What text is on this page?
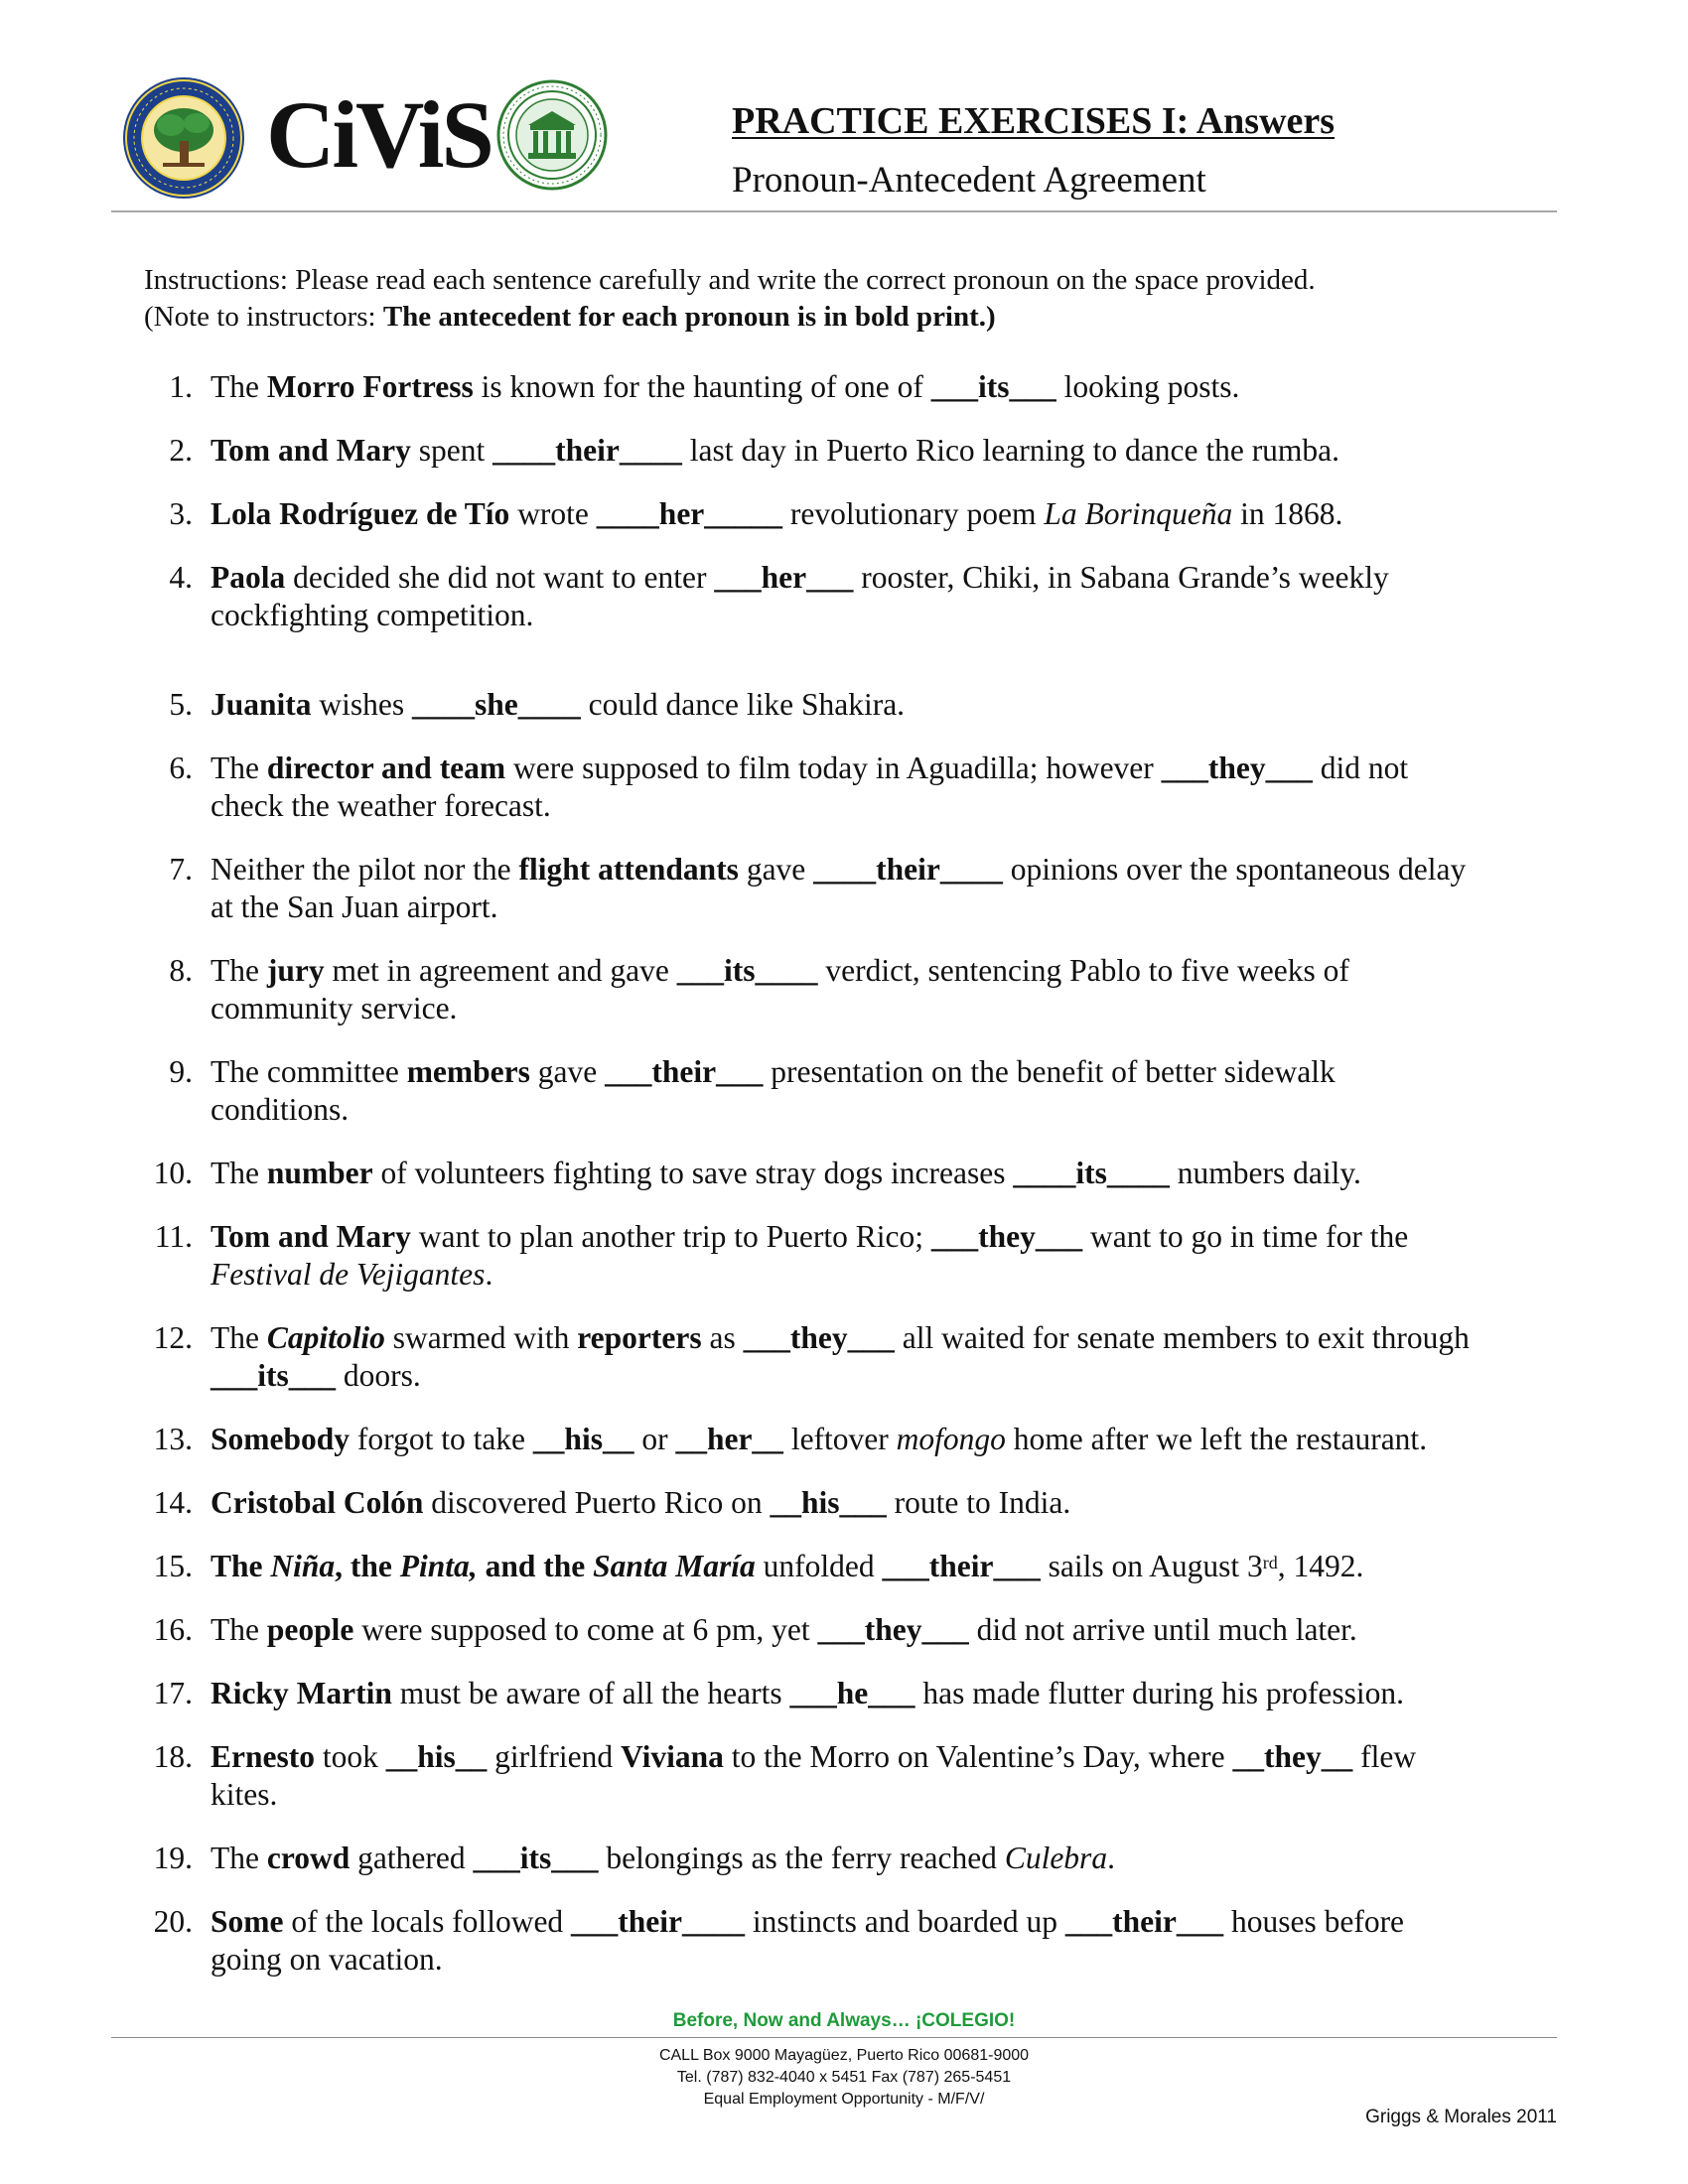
CiViS	PRACTICE EXERCISES I: Answers
Pronoun-Antecedent Agreement
Instructions: Please read each sentence carefully and write the correct pronoun on the space provided.
(Note to instructors: The antecedent for each pronoun is in bold print.)
1. The Morro Fortress is known for the haunting of one of ___its___ looking posts.
2. Tom and Mary spent ____their____ last day in Puerto Rico learning to dance the rumba.
3. Lola Rodríguez de Tío wrote ____her_____ revolutionary poem La Borinqueña in 1868.
4. Paola decided she did not want to enter ___her___ rooster, Chiki, in Sabana Grande’s weekly
cockfighting competition.
5. Juanita wishes ____she____ could dance like Shakira.
6. The director and team were supposed to film today in Aguadilla; however ___they___ did not
check the weather forecast.
7. Neither the pilot nor the flight attendants gave ____their____ opinions over the spontaneous delay
at the San Juan airport.
8. The jury met in agreement and gave ___its____ verdict, sentencing Pablo to five weeks of
community service.
9. The committee members gave ___their___ presentation on the benefit of better sidewalk
conditions.
10. The number of volunteers fighting to save stray dogs increases ____its____ numbers daily.
11. Tom and Mary want to plan another trip to Puerto Rico; ___they___ want to go in time for the
Festival de Vejigantes.
12. The Capitolio swarmed with reporters as ___they___ all waited for senate members to exit through
___its___ doors.
13. Somebody forgot to take __his__ or __her__ leftover mofongo home after we left the restaurant.
14. Cristobal Colón discovered Puerto Rico on __his___ route to India.
15. The Niña, the Pinta, and the Santa María unfolded ___their___ sails on August 3rd, 1492.
16. The people were supposed to come at 6 pm, yet ___they___ did not arrive until much later.
17. Ricky Martin must be aware of all the hearts ___he___ has made flutter during his profession.
18. Ernesto took __his__ girlfriend Viviana to the Morro on Valentine’s Day, where __they__ flew
kites.
19. The crowd gathered ___its___ belongings as the ferry reached Culebra.
20. Some of the locals followed ___their____ instincts and boarded up ___their___ houses before
going on vacation.
Before, Now and Always… ¡COLEGIO!
CALL Box 9000 Mayagüez, Puerto Rico 00681-9000
Tel. (787) 832-4040 x 5451 Fax (787) 265-5451
Equal Employment Opportunity - M/F/V/
Griggs & Morales 2011
